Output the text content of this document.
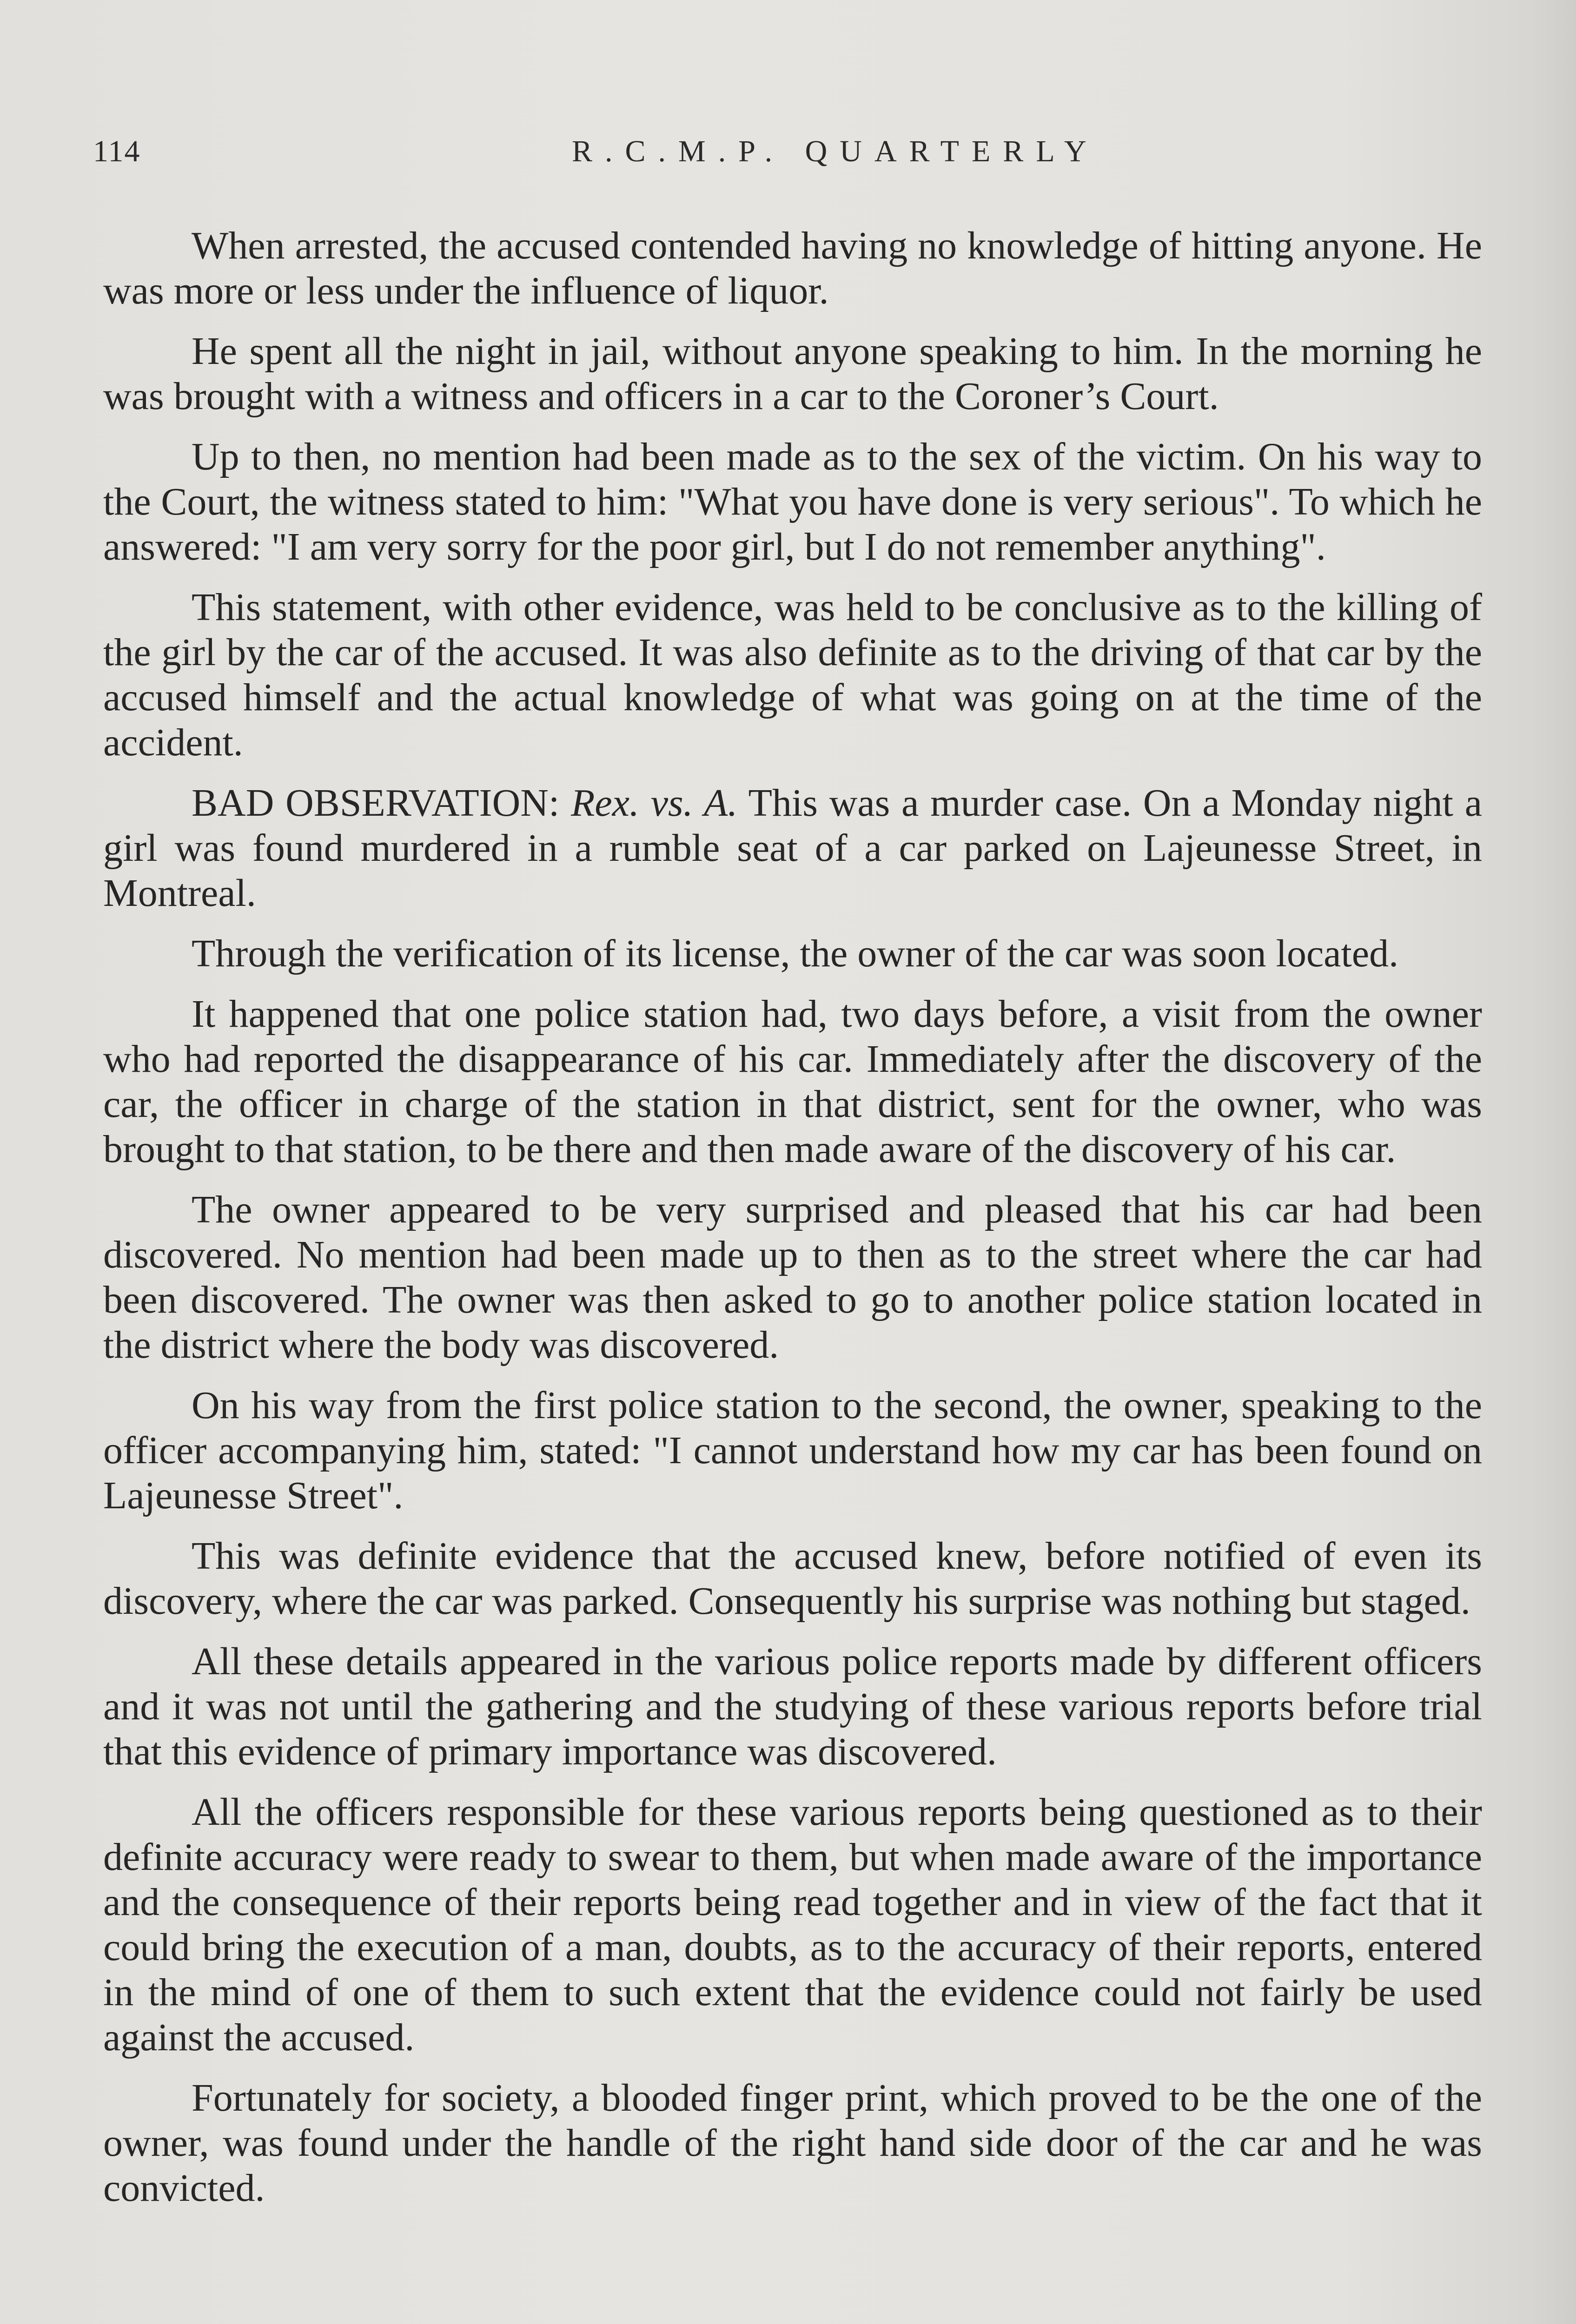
114	R.C.M.P. QUARTERLY

When arrested, the accused contended having no knowledge of hitting anyone. He was more or less under the influence of liquor.

He spent all the night in jail, without anyone speaking to him. In the morning he was brought with a witness and officers in a car to the Coroner’s Court.

Up to then, no mention had been made as to the sex of the victim. On his way to the Court, the witness stated to him: "What you have done is very serious". To which he answered: "I am very sorry for the poor girl, but I do not remember anything".

This statement, with other evidence, was held to be conclusive as to the killing of the girl by the car of the accused. It was also definite as to the driving of that car by the accused himself and the actual knowledge of what was going on at the time of the accident.

BAD OBSERVATION: Rex. vs. A. This was a murder case. On a Monday night a girl was found murdered in a rumble seat of a car parked on Lajeunesse Street, in Montreal.

Through the verification of its license, the owner of the car was soon located.

It happened that one police station had, two days before, a visit from the owner who had reported the disappearance of his car. Immediately after the discovery of the car, the officer in charge of the station in that district, sent for the owner, who was brought to that station, to be there and then made aware of the discovery of his car.

The owner appeared to be very surprised and pleased that his car had been discovered. No mention had been made up to then as to the street where the car had been discovered. The owner was then asked to go to another police station located in the district where the body was discovered.

On his way from the first police station to the second, the owner, speaking to the officer accompanying him, stated: "I cannot understand how my car has been found on Lajeunesse Street".

This was definite evidence that the accused knew, before notified of even its discovery, where the car was parked. Consequently his surprise was nothing but staged.

All these details appeared in the various police reports made by different officers and it was not until the gathering and the studying of these various reports before trial that this evidence of primary importance was discovered.

All the officers responsible for these various reports being questioned as to their definite accuracy were ready to swear to them, but when made aware of the importance and the consequence of their reports being read together and in view of the fact that it could bring the execution of a man, doubts, as to the accuracy of their reports, entered in the mind of one of them to such extent that the evidence could not fairly be used against the accused.

Fortunately for society, a blooded finger print, which proved to be the one of the owner, was found under the handle of the right hand side door of the car and he was convicted.
